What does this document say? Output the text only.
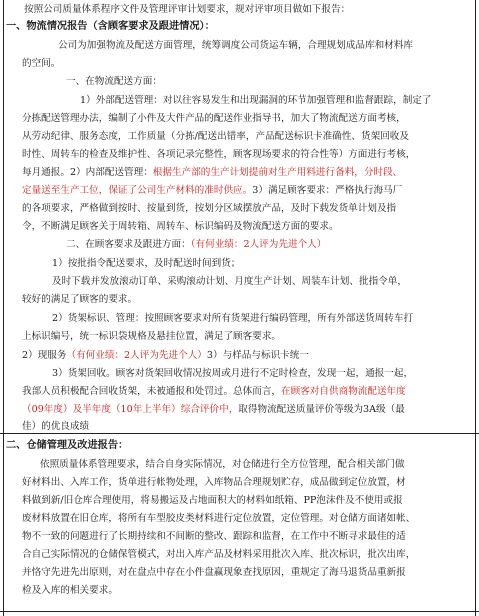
按照公司质量体系程序文件及管理评审计划要求，规对评审项目做如下报告：
一、物流情况报告（含顾客要求及跟进情况）：
公司为加强物流及配送方面管理，统筹调度公司货运车辆，合理规划成品库和材料库
的空间。
一、在物流配送方面：
1）外部配送管理：对以往容易发生和出现漏洞的环节加强管理和监督跟踪，制定了
分拣配送管理办法，编制了小件及大件产品的配送作业指导书，加大了物流配送方面考核，
从劳动纪律、服务态度，工作质量（分拣/配送出错率，产品配送标识卡准确性、货架回收及
时性、周转车的检查及维护性、各项记录完整性，顾客现场要求的符合性等）方面进行考核，
每月通报。2）内部配送管理：根据生产部的生产计划提前对生产用料进行备料，分时段、
定量送至生产工位，保证了公司生产材料的准时供应。3）满足顾客要求：严格执行海马厂
的各项要求，严格做到按时、按量到货，按划分区域摆放产品，及时下载发货单计划及指
令，不断满足顾客关于周转箱、周转车、标识编码及物流配送方面的要求。
二、在顾客要求及跟进方面：（有何业绩：2人评为先进个人）
1）按批指令配送要求，及时配送时间到货；
及时下载并发放滚动订单、采购滚动计划、月度生产计划、周装车计划、批指令单，
较好的满足了顾客的要求。
2）货架标识、管理：按照顾客要求对所有货架进行编码管理，所有外部送货周转车打
上标识编号，统一标识袋规格及悬挂位置，满足了顾客要求。
2）现服务（有何业绩：2人评为先进个人）3）与样品与标识卡统一
3）货架回收。顾客对货架回收情况按周或月进行不定时检查，发现一起，通报一起，
我部人员积极配合回收货架，未被通报和处罚过。总体而言，在顾客对自供商物流配送年度
（09年度）及半年度（10年上半年）综合评价中，取得物流配送质量评价等级为3A级（最
佳）的优良成绩
二、仓储管理及改进报告：
依照质量体系管理要求，结合自身实际情况，对仓储进行全方位管理，配合相关部门做
好材料出、入库工作，货单进行帐物处理，入库物品合理规划贮存，成品做到定位放置，材
料做到新/旧仓库合理使用，将易搬运及占地面积大的材料如纸箱、PP泡沫件及不使用或报
废材料放置在旧仓库，将所有车型胶皮类材料进行定位放置，定位管理。对仓储方面诸如帐、
物不一致的问题进行了长期持续和不间断的整改、跟踪和监督，在工作中不断寻求最佳的适
合自己实际情况的仓储保管模式，对出入库产品及材料采用批次入库、批次标识，批次出库，
并恪守先进先出原则，对在盘点中存在小件盘赢现象查找原因，重规定了海马退货品重新报
检及入库的相关要求。
